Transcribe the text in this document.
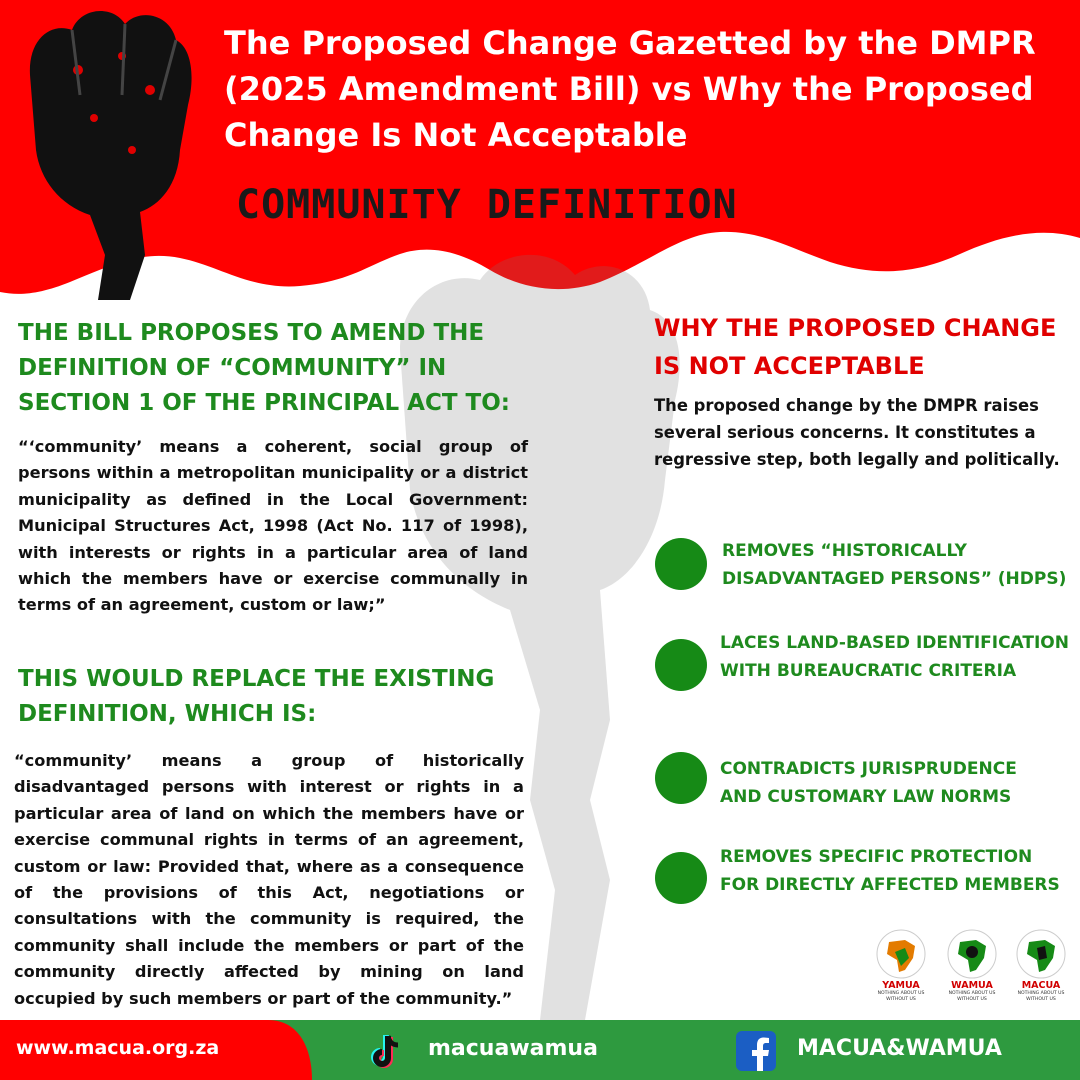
The Proposed Change Gazetted by the DMPR (2025 Amendment Bill) vs Why the Proposed Change Is Not Acceptable
COMMUNITY DEFINITION
THE BILL PROPOSES TO AMEND THE DEFINITION OF “COMMUNITY” IN SECTION 1 OF THE PRINCIPAL ACT TO:
“‘community’ means a coherent, social group of persons within a metropolitan municipality or a district municipality as defined in the Local Government: Municipal Structures Act, 1998 (Act No. 117 of 1998), with interests or rights in a particular area of land which the members have or exercise communally in terms of an agreement, custom or law;”
THIS WOULD REPLACE THE EXISTING DEFINITION, WHICH IS:
“community’ means a group of historically disadvantaged persons with interest or rights in a particular area of land on which the members have or exercise communal rights in terms of an agreement, custom or law: Provided that, where as a consequence of the provisions of this Act, negotiations or consultations with the community is required, the community shall include the members or part of the community directly affected by mining on land occupied by such members or part of the community.”
WHY THE PROPOSED CHANGE IS NOT ACCEPTABLE
The proposed change by the DMPR raises several serious concerns. It constitutes a regressive step, both legally and politically.
REMOVES “HISTORICALLY DISADVANTAGED PERSONS” (HDPS)
LACES LAND-BASED IDENTIFICATION WITH BUREAUCRATIC CRITERIA
CONTRADICTS JURISPRUDENCE AND CUSTOMARY LAW NORMS
REMOVES SPECIFIC PROTECTION FOR DIRECTLY AFFECTED MEMBERS
YAMUA
NOTHING ABOUT US WITHOUT US
WAMUA
NOTHING ABOUT US WITHOUT US
MACUA
NOTHING ABOUT US WITHOUT US
www.macua.org.za	macuawamua	MACUA&WAMUA
